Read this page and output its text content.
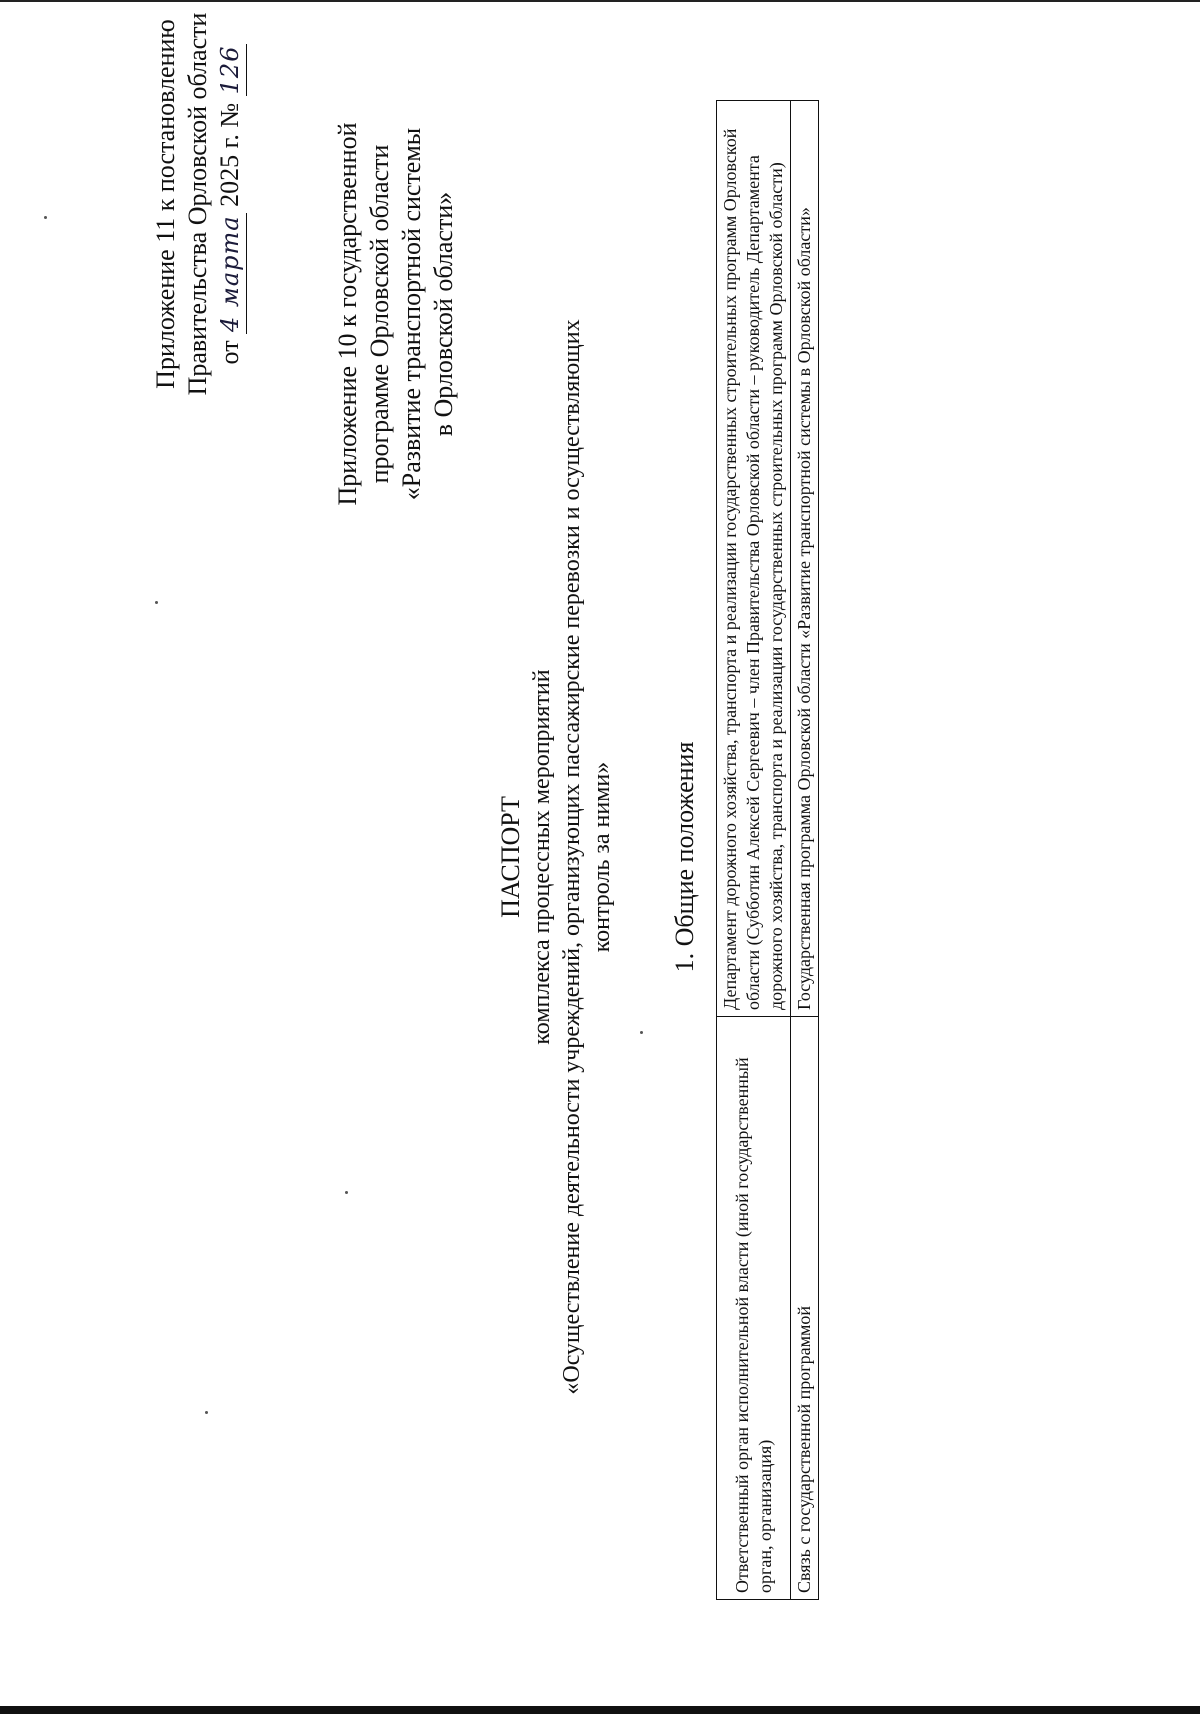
Приложение 11 к постановлению Правительства Орловской области от 4 марта 2025 г. № 126
Приложение 10 к государственной программе Орловской области «Развитие транспортной системы в Орловской области»
ПАСПОРТ комплекса процессных мероприятий «Осуществление деятельности учреждений, организующих пассажирские перевозки и осуществляющих контроль за ними» 1. Общие положения
Ответственный орган исполнительной власти (иной государственный орган, организация)	Департамент дорожного хозяйства, транспорта и реализации государственных строительных программ Орловской области (Субботин Алексей Сергеевич – член Правительства Орловской области – руководитель Департамента дорожного хозяйства, транспорта и реализации государственных строительных программ Орловской области)
Связь с государственной программой	Государственная программа Орловской области «Развитие транспортной системы в Орловской области»
